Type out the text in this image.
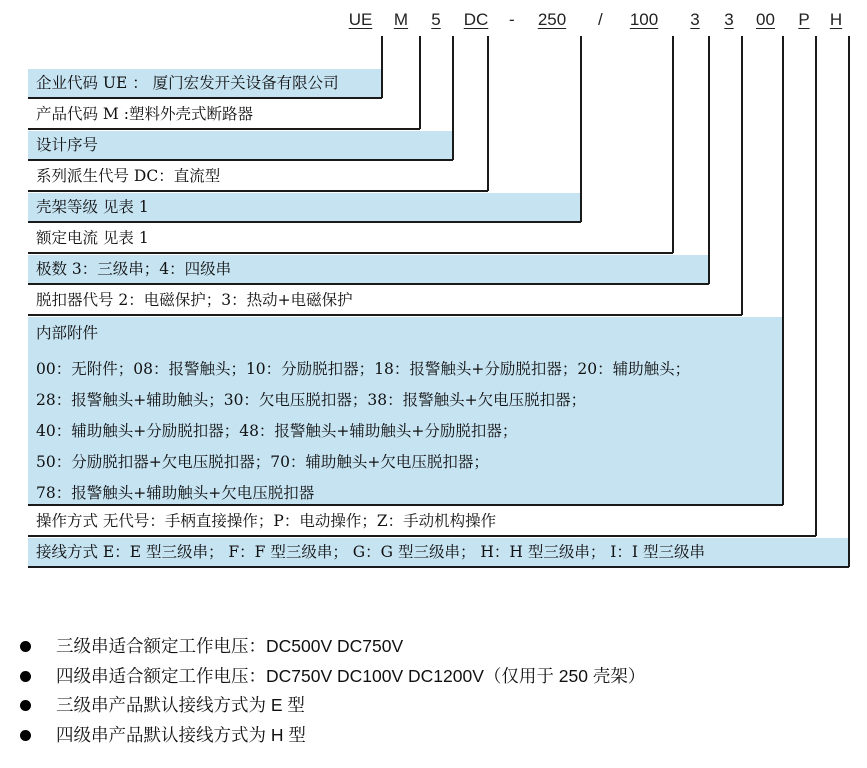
UE M 5 DC - 250 / 100 3 3 00 P H
企业代码 UE ： 厦门宏发开关设备有限公司
产品代码 M :塑料外壳式断路器
设计序号
系列派生代号 DC：直流型
壳架等级 见表 1
额定电流 见表 1
极数 3：三级串；4：四级串
脱扣器代号 2：电磁保护；3：热动+电磁保护
内部附件
00：无附件；08：报警触头；10：分励脱扣器；18：报警触头+分励脱扣器；20：辅助触头；
28：报警触头+辅助触头；30：欠电压脱扣器；38：报警触头+欠电压脱扣器；
40：辅助触头+分励脱扣器；48：报警触头+辅助触头+分励脱扣器；
50：分励脱扣器+欠电压脱扣器；70：辅助触头+欠电压脱扣器；
78：报警触头+辅助触头+欠电压脱扣器
操作方式 无代号：手柄直接操作；P：电动操作；Z：手动机构操作
接线方式 E：E 型三级串； F：F 型三级串； G：G 型三级串； H：H 型三级串； I：I 型三级串
三级串适合额定工作电压：DC500V DC750V
四级串适合额定工作电压：DC750V DC100V DC1200V（仅用于 250 壳架）
三级串产品默认接线方式为 E 型
四级串产品默认接线方式为 H 型
